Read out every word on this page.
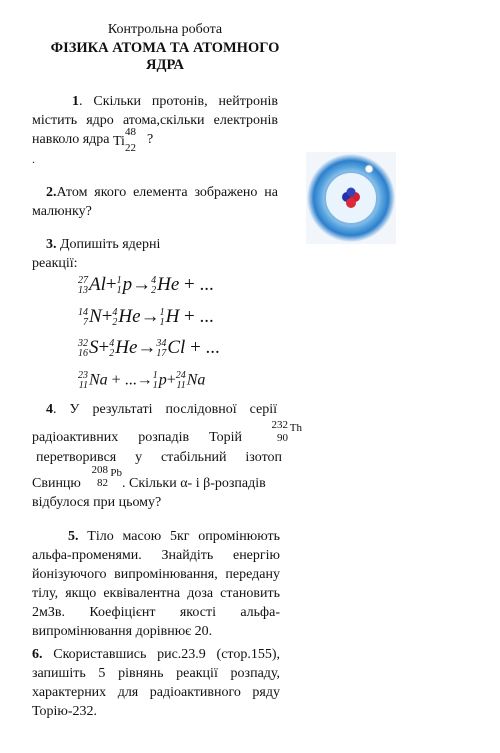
Контрольна робота
ФІЗИКА АТОМА ТА АТОМНОГО ЯДРА
1. Скільки протонів, нейтронів містить ядро атома,скільки електронів навколо ядра Ti
48
22
?
.
2.Атом якого елемента зображено на малюнку?
3. Допишіть ядерні реакції:
27
13 Al+ 1
1 p→ 4
2 He + ...
14
7 N+ 4
2 He→ 1
1 H + ...
32
16 S+ 4
2 He→ 34
17 Cl + ...
23
11 Na + ...→ 1
1 p+ 24
11 Na
4. У результаті послідовної серії
радіоактивних розпадів Торій
232
90
Th
перетворився у стабільний ізотоп
Свинцю
208
82
Pb
. Скільки α- і β-розпадів
відбулося при цьому?
5. Тіло масою 5кг опромінюють альфа-променями. Знайдіть енергію йонізуючого випромінювання, передану тілу, якщо еквівалентна доза становить 2мЗв. Коефіцієнт якості альфа-випромінювання дорівнює 20.
6. Скориставшись рис.23.9 (стор.155), запишіть 5 рівнянь реакції розпаду, характерних для радіоактивного ряду Торію-232.
